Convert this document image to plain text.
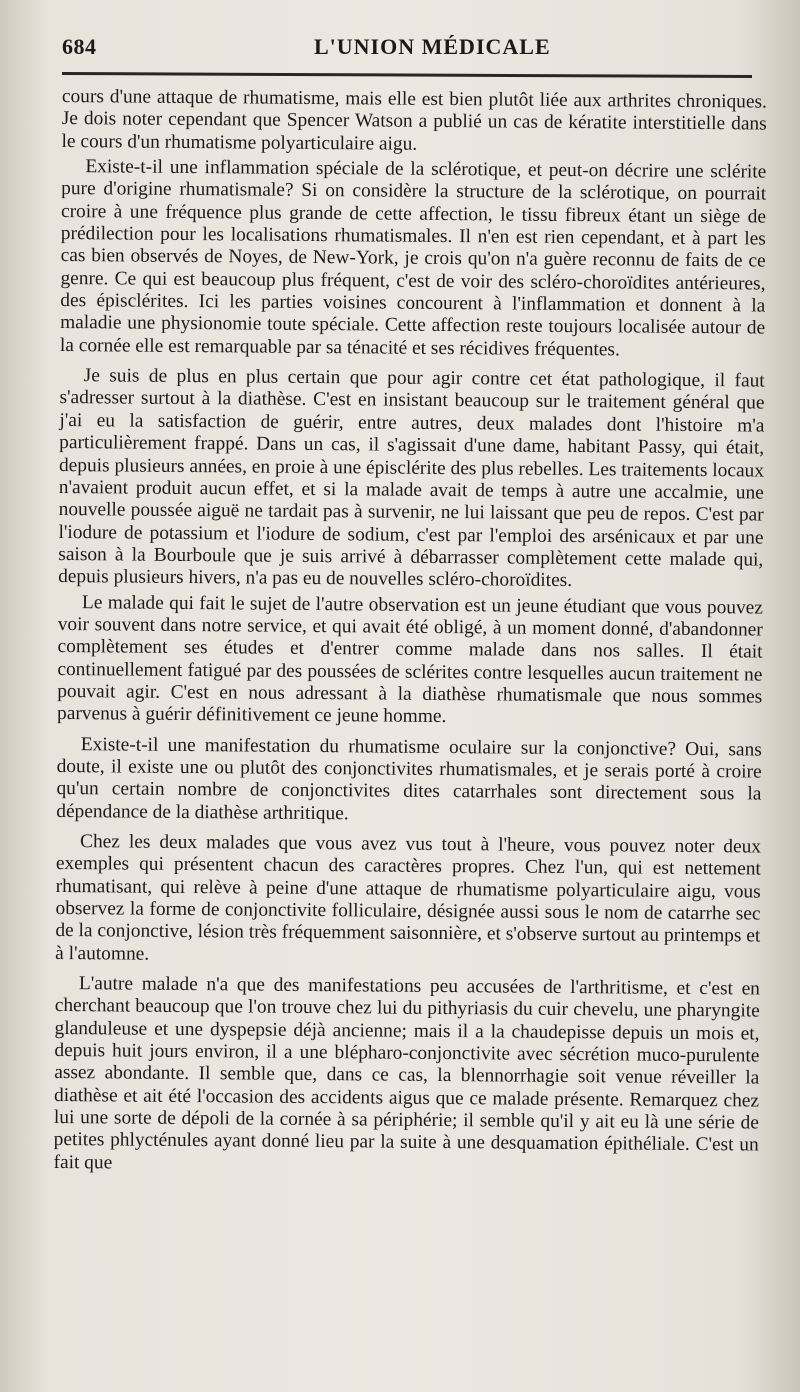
684	L'UNION MÉDICALE

cours d'une attaque de rhumatisme, mais elle est bien plutôt liée aux arthrites chroniques. Je dois noter cependant que Spencer Watson a publié un cas de kératite interstitielle dans le cours d'un rhumatisme polyarticulaire aigu.

Existe-t-il une inflammation spéciale de la sclérotique, et peut-on décrire une sclérite pure d'origine rhumatismale? Si on considère la structure de la sclérotique, on pourrait croire à une fréquence plus grande de cette affection, le tissu fibreux étant un siège de prédilection pour les localisations rhumatismales. Il n'en est rien cependant, et à part les cas bien observés de Noyes, de New-York, je crois qu'on n'a guère reconnu de faits de ce genre. Ce qui est beaucoup plus fréquent, c'est de voir des scléro-choroïdites antérieures, des épisclérites. Ici les parties voisines concourent à l'inflammation et donnent à la maladie une physionomie toute spéciale. Cette affection reste toujours localisée autour de la cornée elle est remarquable par sa ténacité et ses récidives fréquentes.

Je suis de plus en plus certain que pour agir contre cet état pathologique, il faut s'adresser surtout à la diathèse. C'est en insistant beaucoup sur le traitement général que j'ai eu la satisfaction de guérir, entre autres, deux malades dont l'histoire m'a particulièrement frappé. Dans un cas, il s'agissait d'une dame, habitant Passy, qui était, depuis plusieurs années, en proie à une épisclérite des plus rebelles. Les traitements locaux n'avaient produit aucun effet, et si la malade avait de temps à autre une accalmie, une nouvelle poussée aiguë ne tardait pas à survenir, ne lui laissant que peu de repos. C'est par l'iodure de potassium et l'iodure de sodium, c'est par l'emploi des arsénicaux et par une saison à la Bourboule que je suis arrivé à débarrasser complètement cette malade qui, depuis plusieurs hivers, n'a pas eu de nouvelles scléro-choroïdites.

Le malade qui fait le sujet de l'autre observation est un jeune étudiant que vous pouvez voir souvent dans notre service, et qui avait été obligé, à un moment donné, d'abandonner complètement ses études et d'entrer comme malade dans nos salles. Il était continuellement fatigué par des poussées de sclérites contre lesquelles aucun traitement ne pouvait agir. C'est en nous adressant à la diathèse rhumatismale que nous sommes parvenus à guérir définitivement ce jeune homme.

Existe-t-il une manifestation du rhumatisme oculaire sur la conjonctive? Oui, sans doute, il existe une ou plutôt des conjonctivites rhumatismales, et je serais porté à croire qu'un certain nombre de conjonctivites dites catarrhales sont directement sous la dépendance de la diathèse arthritique.

Chez les deux malades que vous avez vus tout à l'heure, vous pouvez noter deux exemples qui présentent chacun des caractères propres. Chez l'un, qui est nettement rhumatisant, qui relève à peine d'une attaque de rhumatisme polyarticulaire aigu, vous observez la forme de conjonctivite folliculaire, désignée aussi sous le nom de catarrhe sec de la conjonctive, lésion très fréquemment saisonnière, et s'observe surtout au printemps et à l'automne.

L'autre malade n'a que des manifestations peu accusées de l'arthritisme, et c'est en cherchant beaucoup que l'on trouve chez lui du pithyriasis du cuir chevelu, une pharyngite glanduleuse et une dyspepsie déjà ancienne; mais il a la chaudepisse depuis un mois et, depuis huit jours environ, il a une blépharo-conjonctivite avec sécrétion muco-purulente assez abondante. Il semble que, dans ce cas, la blennorrhagie soit venue réveiller la diathèse et ait été l'occasion des accidents aigus que ce malade présente. Remarquez chez lui une sorte de dépoli de la cornée à sa périphérie; il semble qu'il y ait eu là une série de petites phlycténules ayant donné lieu par la suite à une desquamation épithéliale. C'est un fait que
